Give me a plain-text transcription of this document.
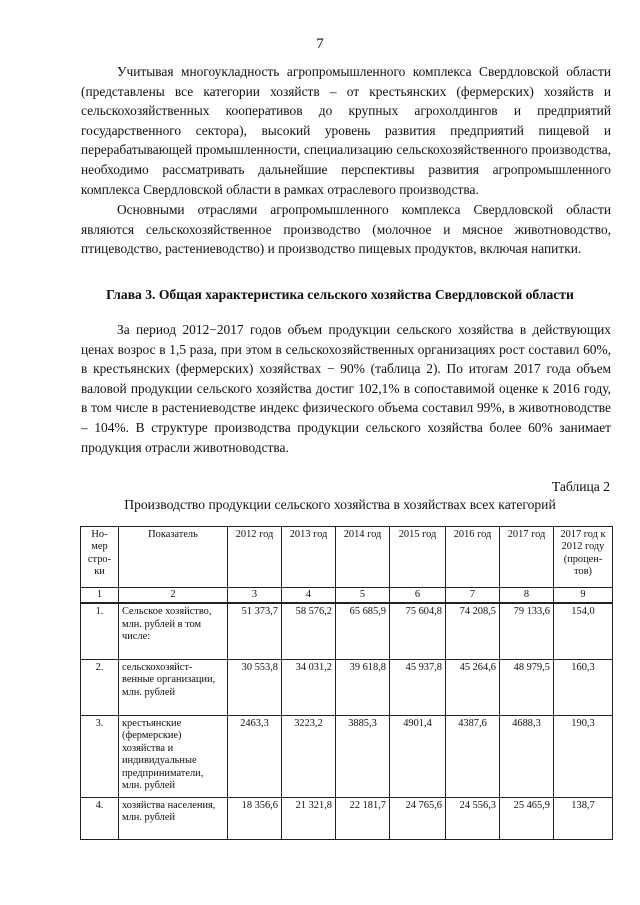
7

Учитывая многоукладность агропромышленного комплекса Свердловской области (представлены все категории хозяйств – от крестьянских (фермерских) хозяйств и сельскохозяйственных кооперативов до крупных агрохолдингов и предприятий государственного сектора), высокий уровень развития предприятий пищевой и перерабатывающей промышленности, специализацию сельскохозяйственного производства, необходимо рассматривать дальнейшие перспективы развития агропромышленного комплекса Свердловской области в рамках отраслевого производства.

Основными отраслями агропромышленного комплекса Свердловской области являются сельскохозяйственное производство (молочное и мясное животноводство, птицеводство, растениеводство) и производство пищевых продуктов, включая напитки.

Глава 3. Общая характеристика сельского хозяйства Свердловской области

За период 2012−2017 годов объем продукции сельского хозяйства в действующих ценах возрос в 1,5 раза, при этом в сельскохозяйственных организациях рост составил 60%, в крестьянских (фермерских) хозяйствах − 90% (таблица 2). По итогам 2017 года объем валовой продукции сельского хозяйства достиг 102,1% в сопоставимой оценке к 2016 году, в том числе в растениеводстве индекс физического объема составил 99%, в животноводстве – 104%. В структуре производства продукции сельского хозяйства более 60% занимает продукция отрасли животноводства.

Таблица 2
Производство продукции сельского хозяйства в хозяйствах всех категорий
Но-мер стро-ки	Показатель	2012 год	2013 год	2014 год	2015 год	2016 год	2017 год	2017 год к 2012 году (процен-тов)
1	2	3	4	5	6	7	8	9
1.	Сельское хозяйство, млн. рублей в том числе:	51 373,7	58 576,2	65 685,9	75 604,8	74 208,5	79 133,6	154,0
2.	сельскохозяйст-венные организации, млн. рублей	30 553,8	34 031,2	39 618,8	45 937,8	45 264,6	48 979,5	160,3
3.	крестьянские (фермерские) хозяйства и индивидуальные предприниматели, млн. рублей	2463,3	3223,2	3885,3	4901,4	4387,6	4688,3	190,3
4.	хозяйства населения, млн. рублей	18 356,6	21 321,8	22 181,7	24 765,6	24 556,3	25 465,9	138,7
